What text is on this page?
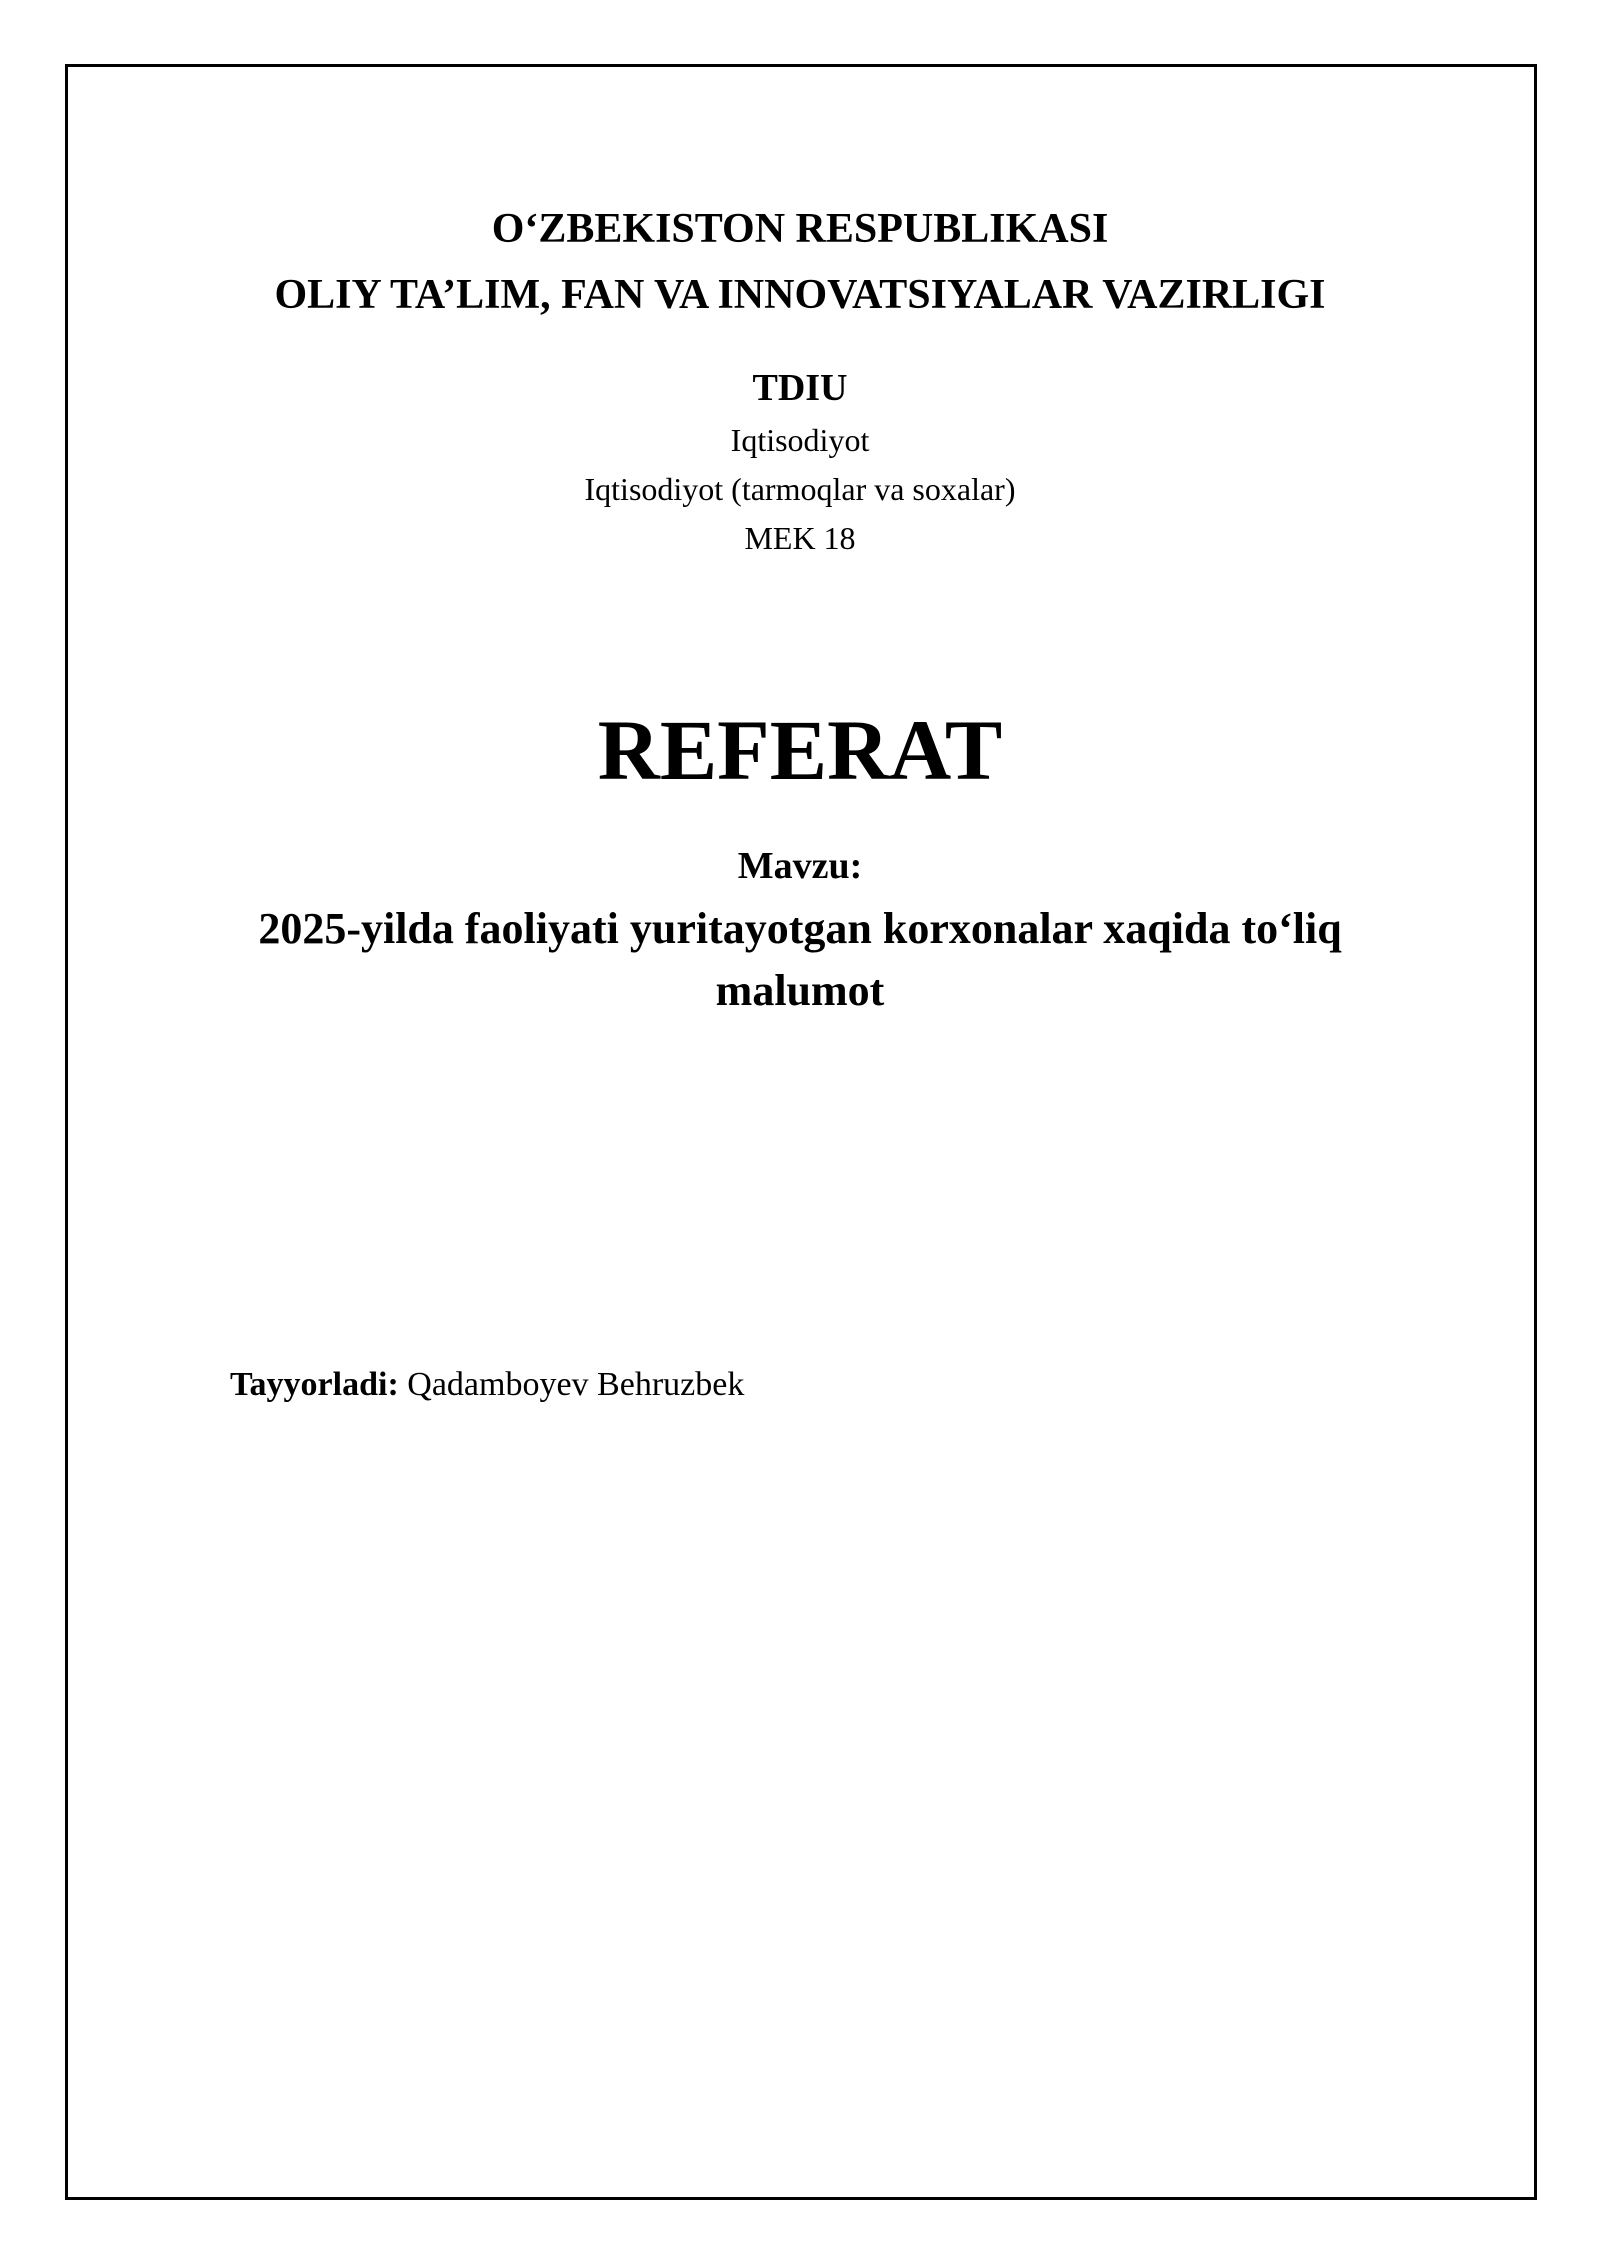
O‘ZBEKISTON RESPUBLIKASI
OLIY TA’LIM, FAN VA INNOVATSIYALAR VAZIRLIGI
TDIU
Iqtisodiyot
Iqtisodiyot (tarmoqlar va soxalar)
MEK 18
REFERAT
Mavzu:
2025-yilda faoliyati yuritayotgan korxonalar xaqida to‘liq
malumot
Tayyorladi: Qadamboyev Behruzbek
